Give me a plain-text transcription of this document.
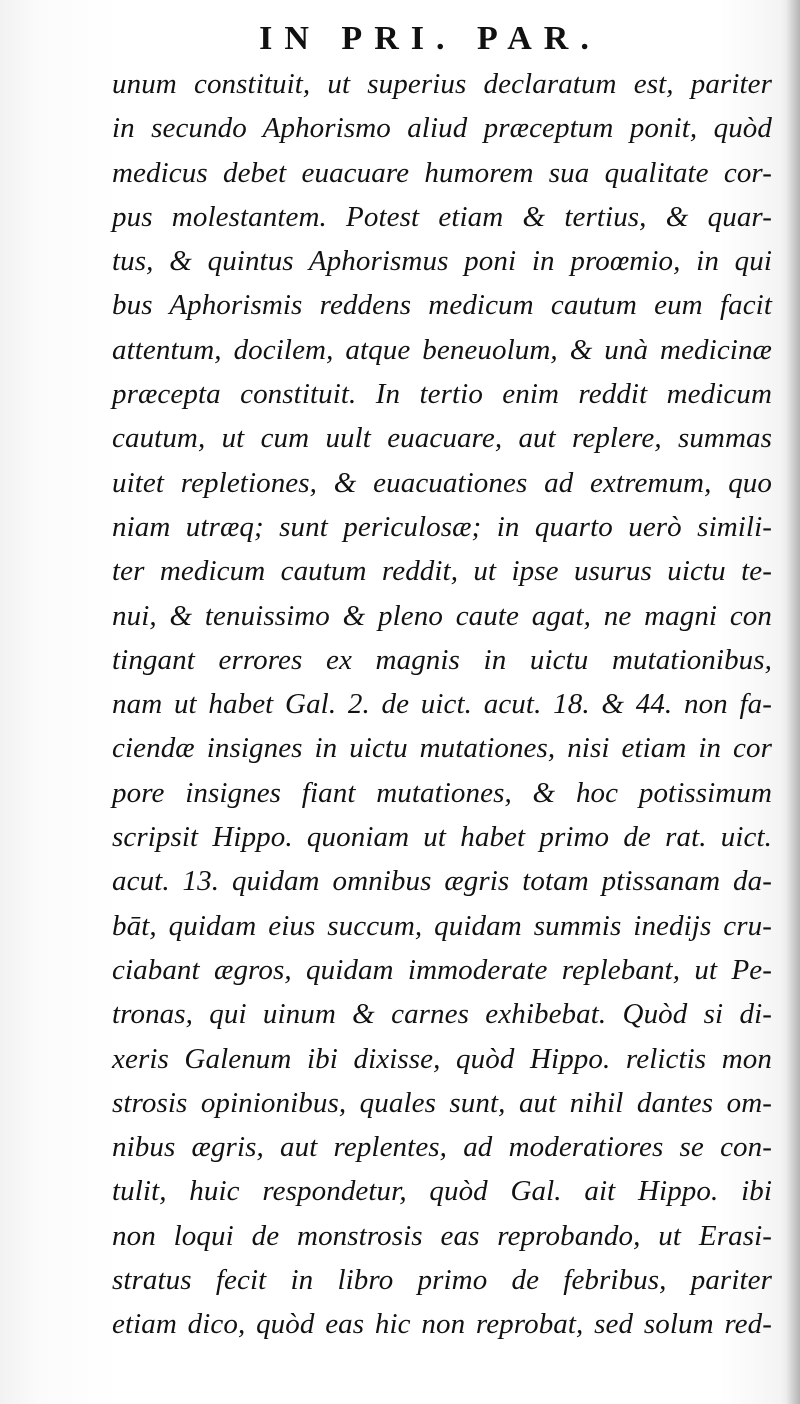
IN PRI. PAR.
unum constituit, ut superius declaratum est, pariter
in secundo Aphorismo aliud præceptum ponit, quòd
medicus debet euacuare humorem sua qualitate cor-
pus molestantem. Potest etiam & tertius, & quar-
tus, & quintus Aphorismus poni in proœmio, in qui
bus Aphorismis reddens medicum cautum eum facit
attentum, docilem, atque beneuolum, & unà medicinæ
præcepta constituit. In tertio enim reddit medicum
cautum, ut cum uult euacuare, aut replere, summas
uitet repletiones, & euacuationes ad extremum, quo
niam utræq; sunt periculosæ; in quarto uerò simili-
ter medicum cautum reddit, ut ipse usurus uictu te-
nui, & tenuissimo & pleno caute agat, ne magni con
tingant errores ex magnis in uictu mutationibus,
nam ut habet Gal. 2. de uict. acut. 18. & 44. non fa-
ciendæ insignes in uictu mutationes, nisi etiam in cor
pore insignes fiant mutationes, & hoc potissimum
scripsit Hippo. quoniam ut habet primo de rat. uict.
acut. 13. quidam omnibus ægris totam ptissanam da-
bāt, quidam eius succum, quidam summis inedijs cru-
ciabant ægros, quidam immoderate replebant, ut Pe-
tronas, qui uinum & carnes exhibebat. Quòd si di-
xeris Galenum ibi dixisse, quòd Hippo. relictis mon
strosis opinionibus, quales sunt, aut nihil dantes om-
nibus ægris, aut replentes, ad moderatiores se con-
tulit, huic respondetur, quòd Gal. ait Hippo. ibi
non loqui de monstrosis eas reprobando, ut Erasi-
stratus fecit in libro primo de febribus, pariter
etiam dico, quòd eas hic non reprobat, sed solum red-
